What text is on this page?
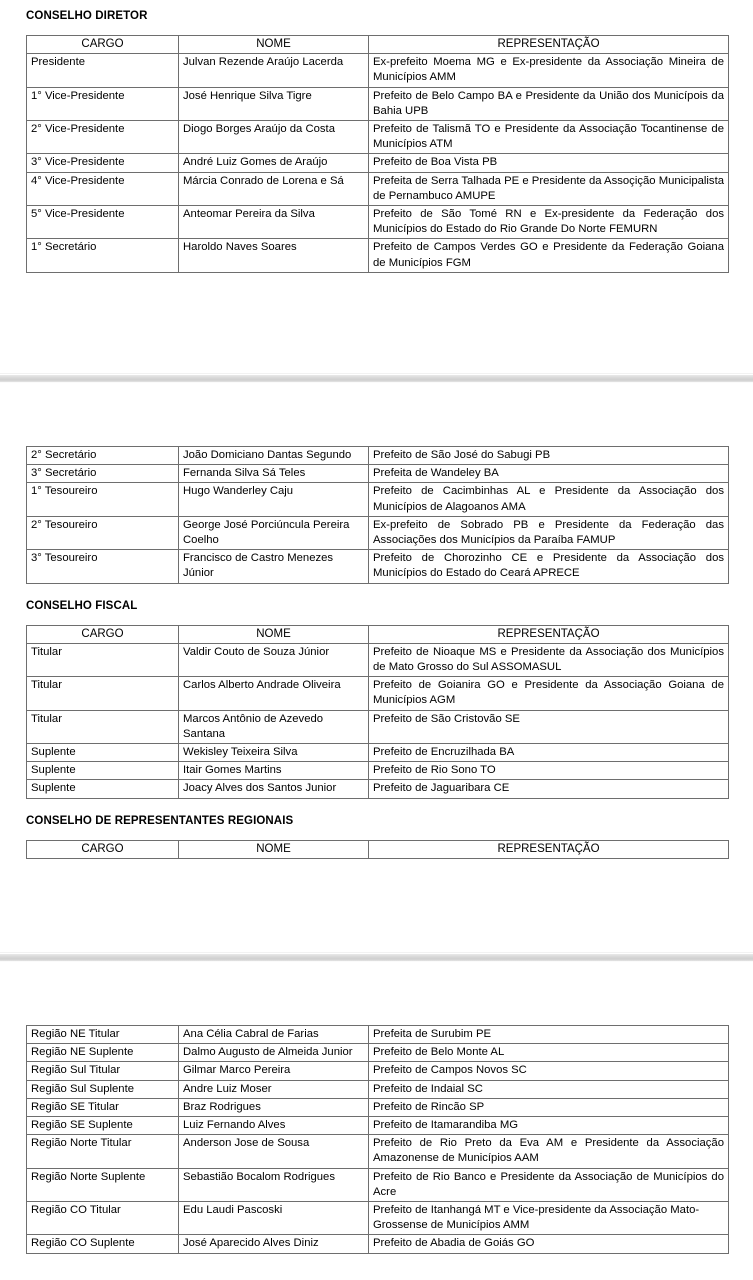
CONSELHO DIRETOR
CARGO	NOME	REPRESENTAÇÃO
Presidente	Julvan Rezende Araújo Lacerda	Ex-prefeito Moema MG e Ex-presidente da Associação Mineira de Municípios AMM
1° Vice-Presidente	José Henrique Silva Tigre	Prefeito de Belo Campo BA e Presidente da União dos Municípois da Bahia UPB
2° Vice-Presidente	Diogo Borges Araújo da Costa	Prefeito de Talismã TO e Presidente da Associação Tocantinense de Municípios ATM
3° Vice-Presidente	André Luiz Gomes de Araújo	Prefeito de Boa Vista PB
4° Vice-Presidente	Márcia Conrado de Lorena e Sá	Prefeita de Serra Talhada PE e Presidente da Assoçição Municipalista de Pernambuco AMUPE
5° Vice-Presidente	Anteomar Pereira da Silva	Prefeito de São Tomé RN e Ex-presidente da Federação dos Municípios do Estado do Rio Grande Do Norte FEMURN
1° Secretário	Haroldo Naves Soares	Prefeito de Campos Verdes GO e Presidente da Federação Goiana de Municípios FGM
2° Secretário	João Domiciano Dantas Segundo	Prefeito de São José do Sabugi PB
3° Secretário	Fernanda Silva Sá Teles	Prefeita de Wandeley BA
1° Tesoureiro	Hugo Wanderley Caju	Prefeito de Cacimbinhas AL e Presidente da Associação dos Municípios de Alagoanos AMA
2° Tesoureiro	George José Porciúncula Pereira Coelho	Ex-prefeito de Sobrado PB e Presidente da Federação das Associações dos Municípios da Paraíba FAMUP
3° Tesoureiro	Francisco de Castro Menezes Júnior	Prefeito de Chorozinho CE e Presidente da Associação dos Municípios do Estado do Ceará APRECE
CONSELHO FISCAL
CARGO	NOME	REPRESENTAÇÃO
Titular	Valdir Couto de Souza Júnior	Prefeito de Nioaque MS e Presidente da Associação dos Municípios de Mato Grosso do Sul ASSOMASUL
Titular	Carlos Alberto Andrade Oliveira	Prefeito de Goianira GO e Presidente da Associação Goiana de Municípios AGM
Titular	Marcos Antônio de Azevedo Santana	Prefeito de São Cristovão SE
Suplente	Wekisley Teixeira Silva	Prefeito de Encruzilhada BA
Suplente	Itair Gomes Martins	Prefeito de Rio Sono TO
Suplente	Joacy Alves dos Santos Junior	Prefeito de Jaguaribara CE
CONSELHO DE REPRESENTANTES REGIONAIS
CARGO	NOME	REPRESENTAÇÃO
Região NE Titular	Ana Célia Cabral de Farias	Prefeita de Surubim PE
Região NE Suplente	Dalmo Augusto de Almeida Junior	Prefeito de Belo Monte AL
Região Sul Titular	Gilmar Marco Pereira	Prefeito de Campos Novos SC
Região Sul Suplente	Andre Luiz Moser	Prefeito de Indaial SC
Região SE Titular	Braz Rodrigues	Prefeito de Rincão SP
Região SE Suplente	Luiz Fernando Alves	Prefeito de Itamarandiba MG
Região Norte Titular	Anderson Jose de Sousa	Prefeito de Rio Preto da Eva AM e Presidente da Associação Amazonense de Municípios AAM
Região Norte Suplente	Sebastião Bocalom Rodrigues	Prefeito de Rio Banco e Presidente da Associação de Municípios do Acre
Região CO Titular	Edu Laudi Pascoski	Prefeito de Itanhangá MT e Vice-presidente da Associação Mato-Grossense de Municípios AMM
Região CO Suplente	José Aparecido Alves Diniz	Prefeito de Abadia de Goiás GO
